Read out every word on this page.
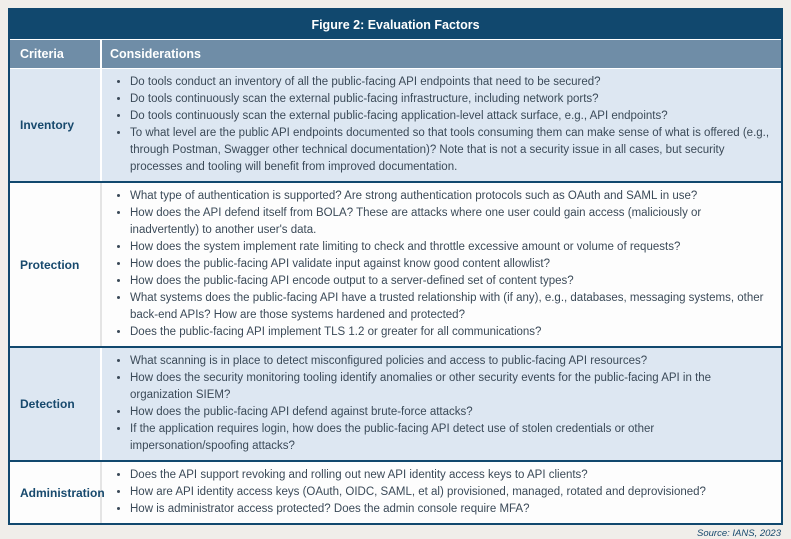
Figure 2: Evaluation Factors
Criteria	Considerations
Inventory
• Do tools conduct an inventory of all the public-facing API endpoints that need to be secured?
• Do tools continuously scan the external public-facing infrastructure, including network ports?
• Do tools continuously scan the external public-facing application-level attack surface, e.g., API endpoints?
• To what level are the public API endpoints documented so that tools consuming them can make sense of what is offered (e.g., through Postman, Swagger other technical documentation)? Note that is not a security issue in all cases, but security processes and tooling will benefit from improved documentation.
Protection
• What type of authentication is supported? Are strong authentication protocols such as OAuth and SAML in use?
• How does the API defend itself from BOLA? These are attacks where one user could gain access (maliciously or inadvertently) to another user's data.
• How does the system implement rate limiting to check and throttle excessive amount or volume of requests?
• How does the public-facing API validate input against know good content allowlist?
• How does the public-facing API encode output to a server-defined set of content types?
• What systems does the public-facing API have a trusted relationship with (if any), e.g., databases, messaging systems, other back-end APIs? How are those systems hardened and protected?
• Does the public-facing API implement TLS 1.2 or greater for all communications?
Detection
• What scanning is in place to detect misconfigured policies and access to public-facing API resources?
• How does the security monitoring tooling identify anomalies or other security events for the public-facing API in the organization SIEM?
• How does the public-facing API defend against brute-force attacks?
• If the application requires login, how does the public-facing API detect use of stolen credentials or other impersonation/spoofing attacks?
Administration
• Does the API support revoking and rolling out new API identity access keys to API clients?
• How are API identity access keys (OAuth, OIDC, SAML, et al) provisioned, managed, rotated and deprovisioned?
• How is administrator access protected? Does the admin console require MFA?
Source: IANS, 2023
